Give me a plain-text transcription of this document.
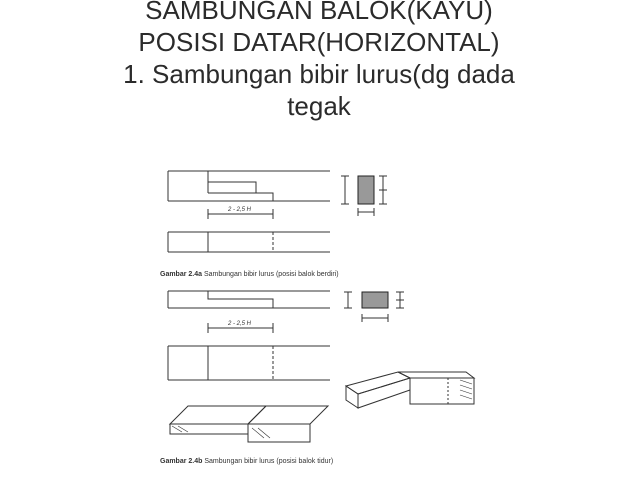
SAMBUNGAN BALOK(KAYU)
POSISI DATAR(HORIZONTAL)
1. Sambungan bibir lurus(dg dada
tegak
2 - 2,5 H
2 - 2,5 H
Gambar 2.4a Sambungan bibir lurus (posisi balok berdiri)
Gambar 2.4b Sambungan bibir lurus (posisi balok tidur)
